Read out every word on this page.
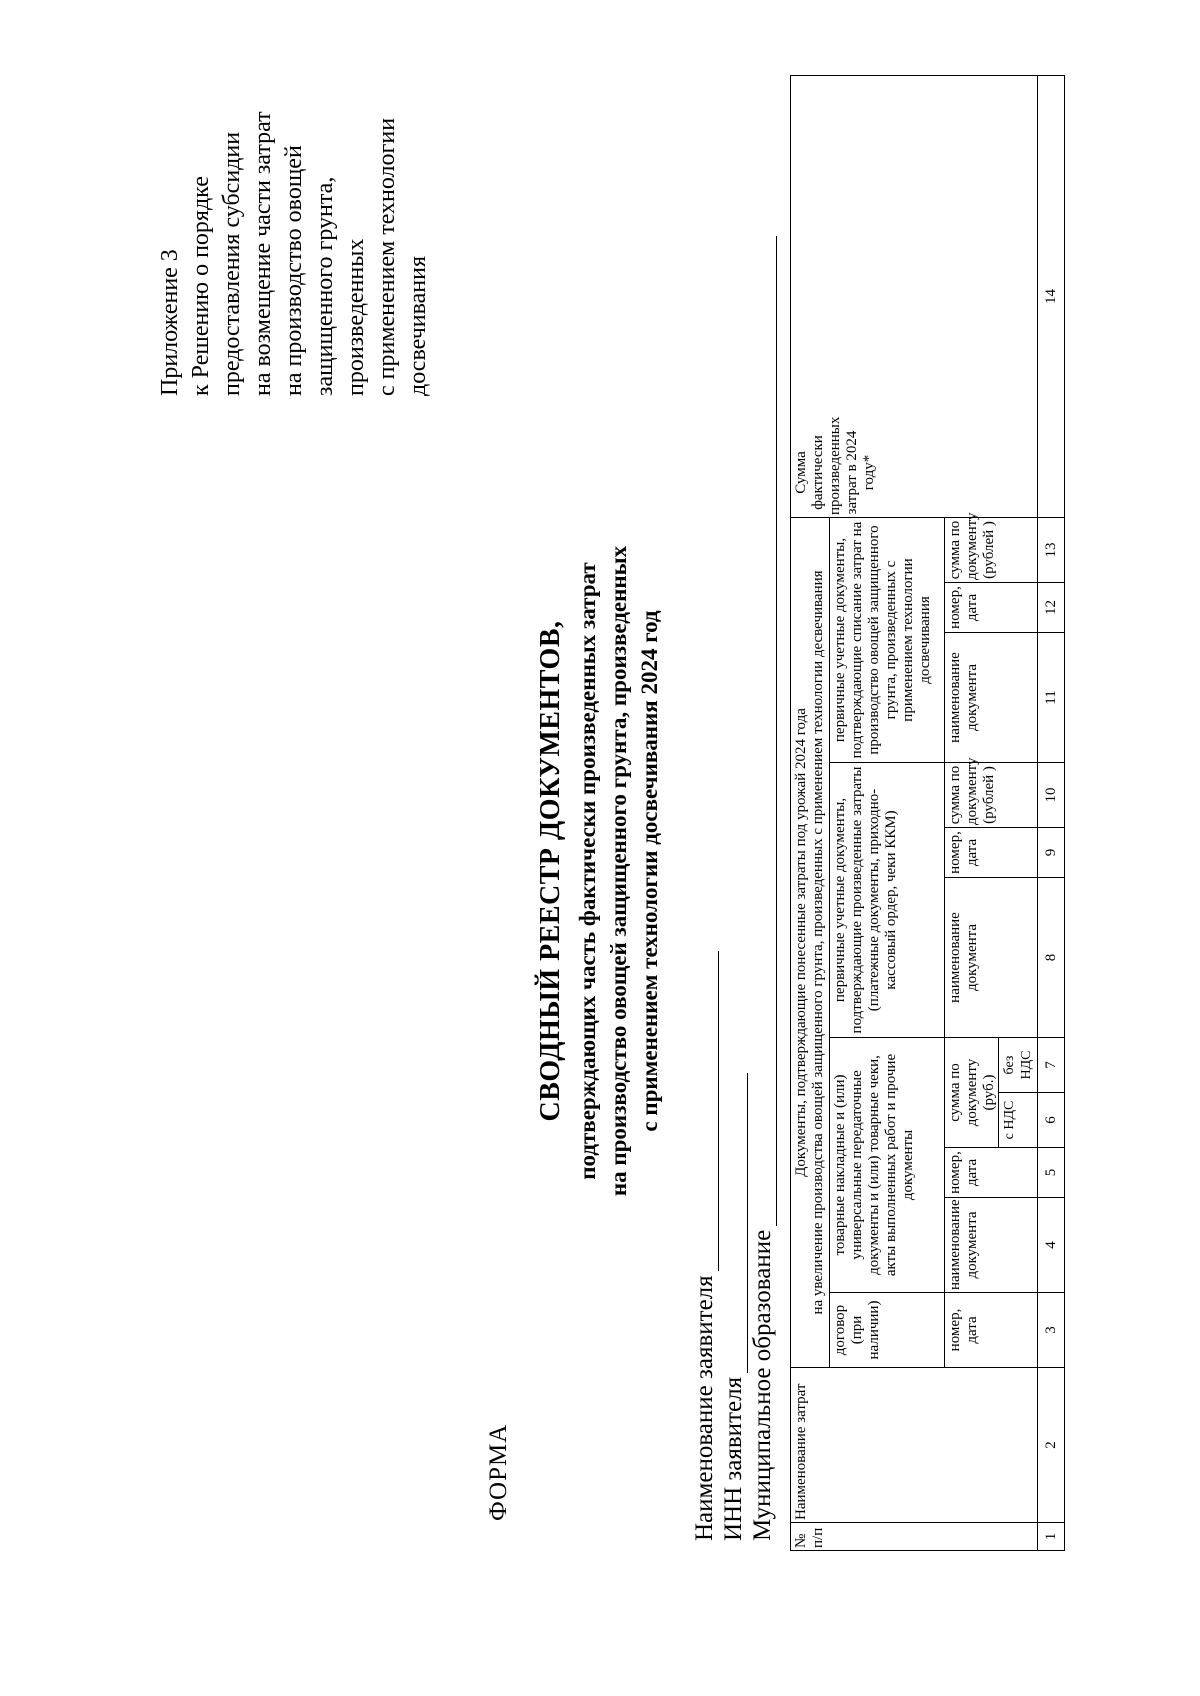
Приложение 3 к Решению о порядке предоставления субсидии на возмещение части затрат на производство овощей защищенного грунта, произведенных с применением технологии досвечивания
ФОРМА
СВОДНЫЙ РЕЕСТР ДОКУМЕНТОВ, подтверждающих часть фактически произведенных затрат на производство овощей защищенного грунта, произведенных с применением технологии досвечивания 2024 год
Наименование заявителя ИНН заявителя Муниципальное образование № п/п	Наименование затрат	Документы, подтверждающие понесенные затраты под урожай 2024 года											Сумма фактически произведенных затрат в 2024 году*

		на увеличение производства овощей защищенного грунта, произведенных с применением технологии десвечивания											
		договор (при наличии)	товарные накладные и (или) универсальные передаточные документы и (или) товарные чеки, акты выполненных работ и прочие документы				первичные учетные документы, подтверждающие произведенные затраты (платежные документы, приходно-кассовый ордер, чеки ККМ)			первичные учетные документы, подтверждающие списание затрат на производство овощей защищенного грунта, произведенных с применением технологии досвечивания			
		номер, дата	наименование документа	номер, дата	сумма по документу (руб.)		наименование документа	номер, дата	сумма по документу (рублей )	наименование документа	номер, дата	сумма по документу (рублей )	
					с НДС	без НДС							
1	2	3	4	5	6	7	8	9	10	11	12	13	14
